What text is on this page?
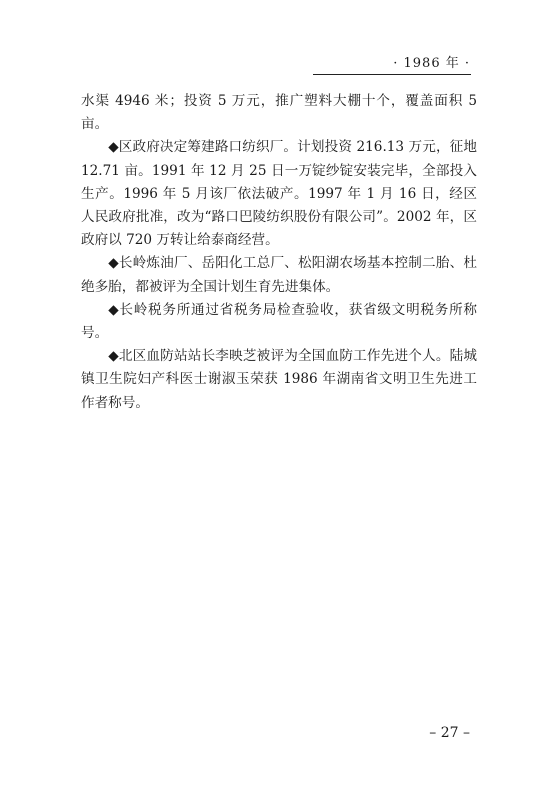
· 1986 年 ·

水渠 4946 米；投资 5 万元，推广塑料大棚十个，覆盖面积 5 亩。

◆区政府决定筹建路口纺织厂。计划投资 216.13 万元，征地 12.71 亩。1991 年 12 月 25 日一万锭纱锭安装完毕，全部投入生产。1996 年 5 月该厂依法破产。1997 年 1 月 16 日，经区人民政府批准，改为“路口巴陵纺织股份有限公司”。2002 年，区政府以 720 万转让给泰商经营。

◆长岭炼油厂、岳阳化工总厂、松阳湖农场基本控制二胎、杜绝多胎，都被评为全国计划生育先进集体。

◆长岭税务所通过省税务局检查验收，获省级文明税务所称号。

◆北区血防站站长李映芝被评为全国血防工作先进个人。陆城镇卫生院妇产科医士谢淑玉荣获 1986 年湖南省文明卫生先进工作者称号。

– 27 –
